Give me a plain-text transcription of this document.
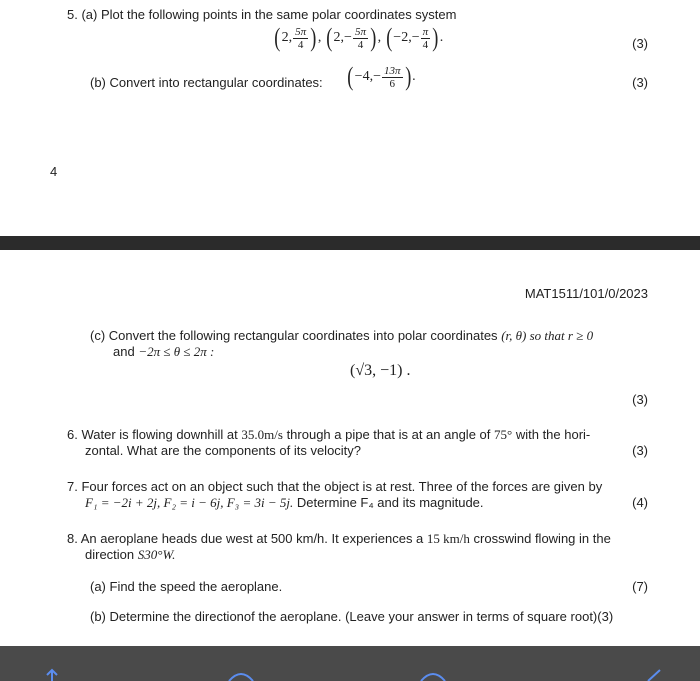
5. (a) Plot the following points in the same polar coordinates system
( 2, $\frac{5\pi}{4}$ ) , ( 2, − $\frac{5\pi}{4}$ ) , ( −2, − $\frac{\pi}{4}$ ) .	(3)
(b) Convert into rectangular coordinates: ( −4, − $\frac{13\pi}{6}$ ) .	(3)
4
MAT1511/101/0/2023
(c) Convert the following rectangular coordinates into polar coordinates (r, θ) so that r ≥ 0
and −2π ≤ θ ≤ 2π :
(√3, −1) .
(3)
6. Water is flowing downhill at 35.0m/s through a pipe that is at an angle of 75° with the hori-
zontal. What are the components of its velocity?	(3)
7. Four forces act on an object such that the object is at rest. Three of the forces are given by
F₁ = −2i + 2j, F₂ = i − 6j, F₃ = 3i − 5j. Determine F₄ and its magnitude.	(4)
8. An aeroplane heads due west at 500 km/h. It experiences a 15 km/h crosswind flowing in the
direction S30°W.
(a) Find the speed the aeroplane.	(7)
(b) Determine the directionof the aeroplane. (Leave your answer in terms of square root)(3)
